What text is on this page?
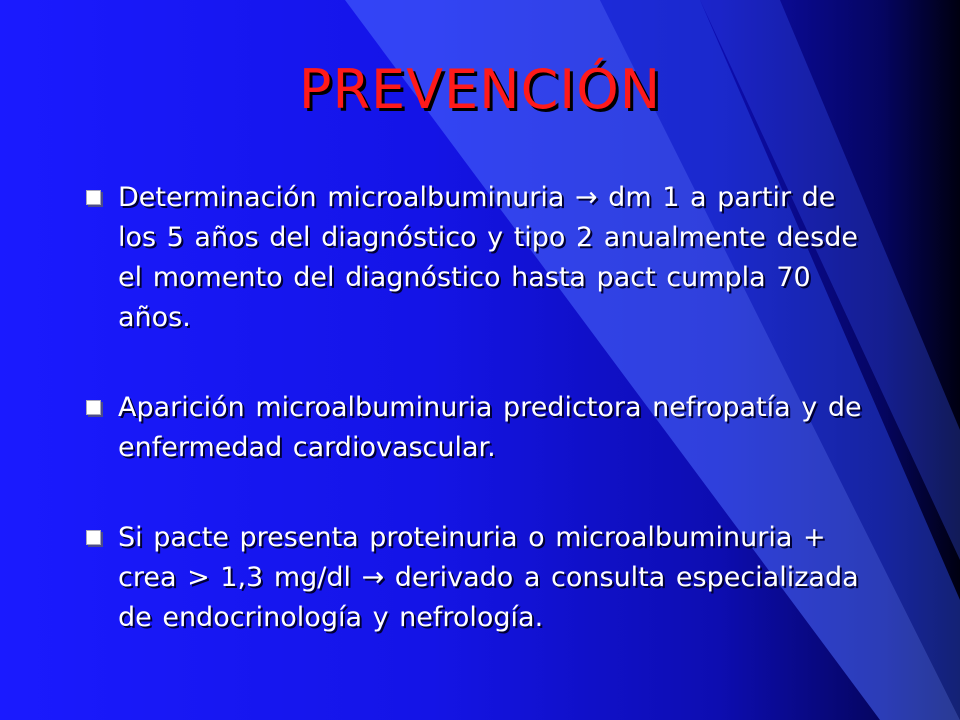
PREVENCIÓN
Determinación microalbuminuria → dm 1 a partir de los 5 años del diagnóstico y tipo 2 anualmente desde el momento del diagnóstico hasta pact cumpla 70 años.
Aparición microalbuminuria predictora nefropatía y de enfermedad cardiovascular.
Si pacte presenta proteinuria o microalbuminuria + crea > 1,3 mg/dl → derivado a consulta especializada de endocrinología y nefrología.
